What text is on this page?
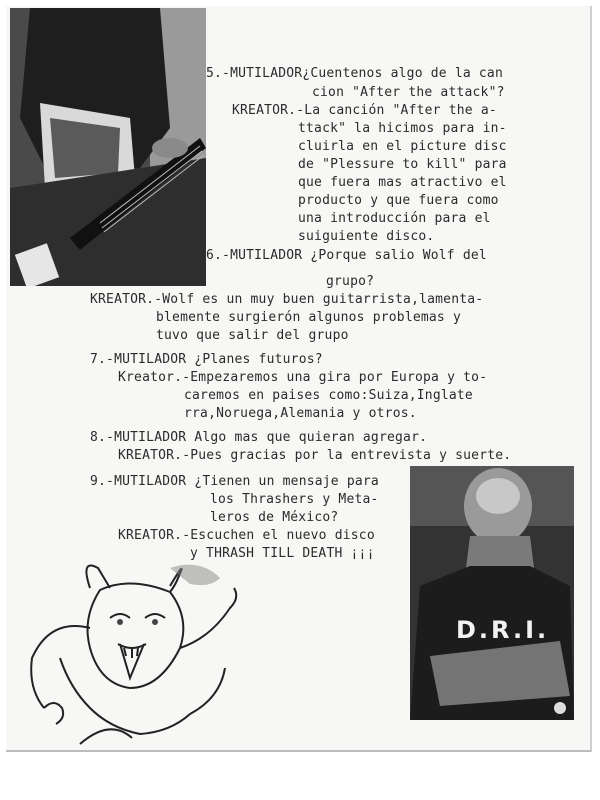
5.-MUTILADOR¿Cuentenos algo de la can
cion "After the attack"?
KREATOR.-La canción "After the a-
ttack" la hicimos para in-
cluirla en el picture disc
de "Plessure to kill" para
que fuera mas atractivo el
producto y que fuera como
una introducción para el
suiguiente disco.
6.-MUTILADOR ¿Porque salio Wolf del
grupo?
KREATOR.-Wolf es un muy buen guitarrista,lamenta-
blemente surgierón algunos problemas y
tuvo que salir del grupo
7.-MUTILADOR ¿Planes futuros?
Kreator.-Empezaremos una gira por Europa y to-
caremos en paises como:Suiza,Inglate
rra,Noruega,Alemania y otros.
8.-MUTILADOR Algo mas que quieran agregar.
KREATOR.-Pues gracias por la entrevista y suerte.
9.-MUTILADOR ¿Tienen un mensaje para
los Thrashers y Meta-
leros de México?
KREATOR.-Escuchen el nuevo disco
y THRASH TILL DEATH ¡¡¡
D.R.I.
